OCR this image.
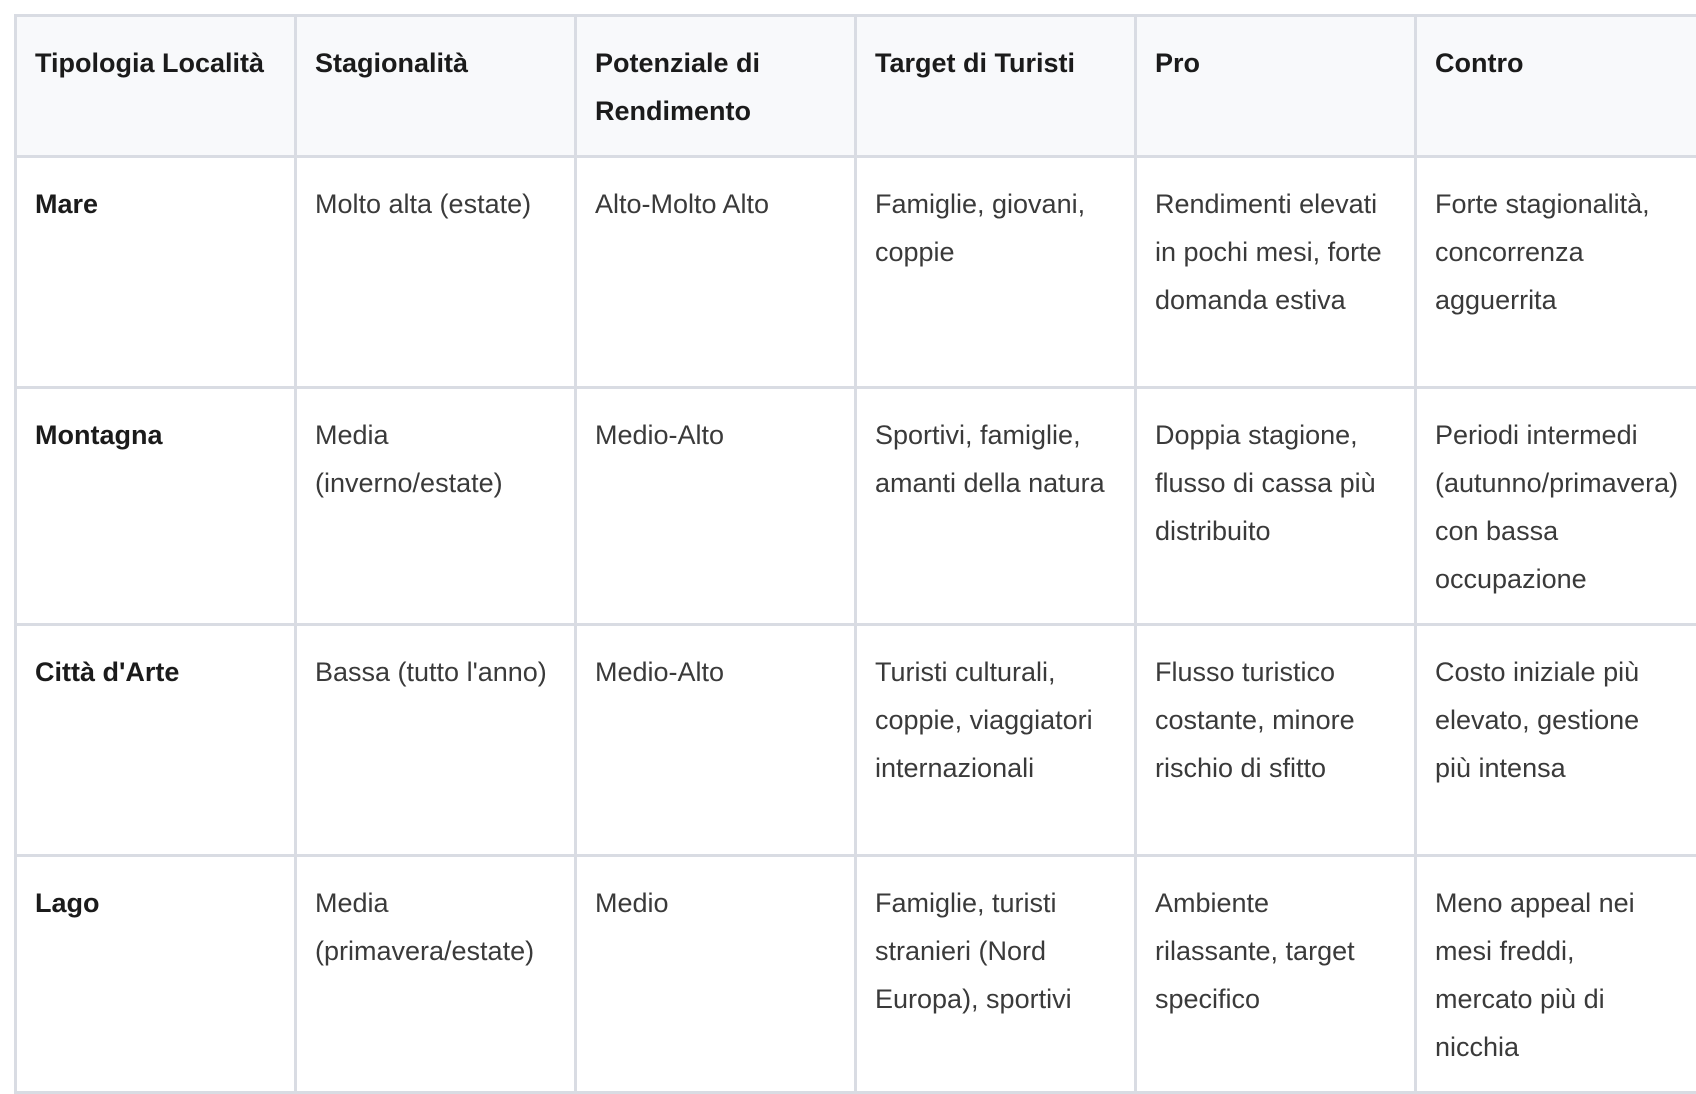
Tipologia Località	Stagionalità	Potenziale di Rendimento	Target di Turisti	Pro	Contro
Mare	Molto alta (estate)	Alto-Molto Alto	Famiglie, giovani, coppie	Rendimenti elevati in pochi mesi, forte domanda estiva	Forte stagionalità, concorrenza agguerrita
Montagna	Media (inverno/estate)	Medio-Alto	Sportivi, famiglie, amanti della natura	Doppia stagione, flusso di cassa più distribuito	Periodi intermedi (autunno/primavera) con bassa occupazione
Città d'Arte	Bassa (tutto l'anno)	Medio-Alto	Turisti culturali, coppie, viaggiatori internazionali	Flusso turistico costante, minore rischio di sfitto	Costo iniziale più elevato, gestione più intensa
Lago	Media (primavera/estate)	Medio	Famiglie, turisti stranieri (Nord Europa), sportivi	Ambiente rilassante, target specifico	Meno appeal nei mesi freddi, mercato più di nicchia
